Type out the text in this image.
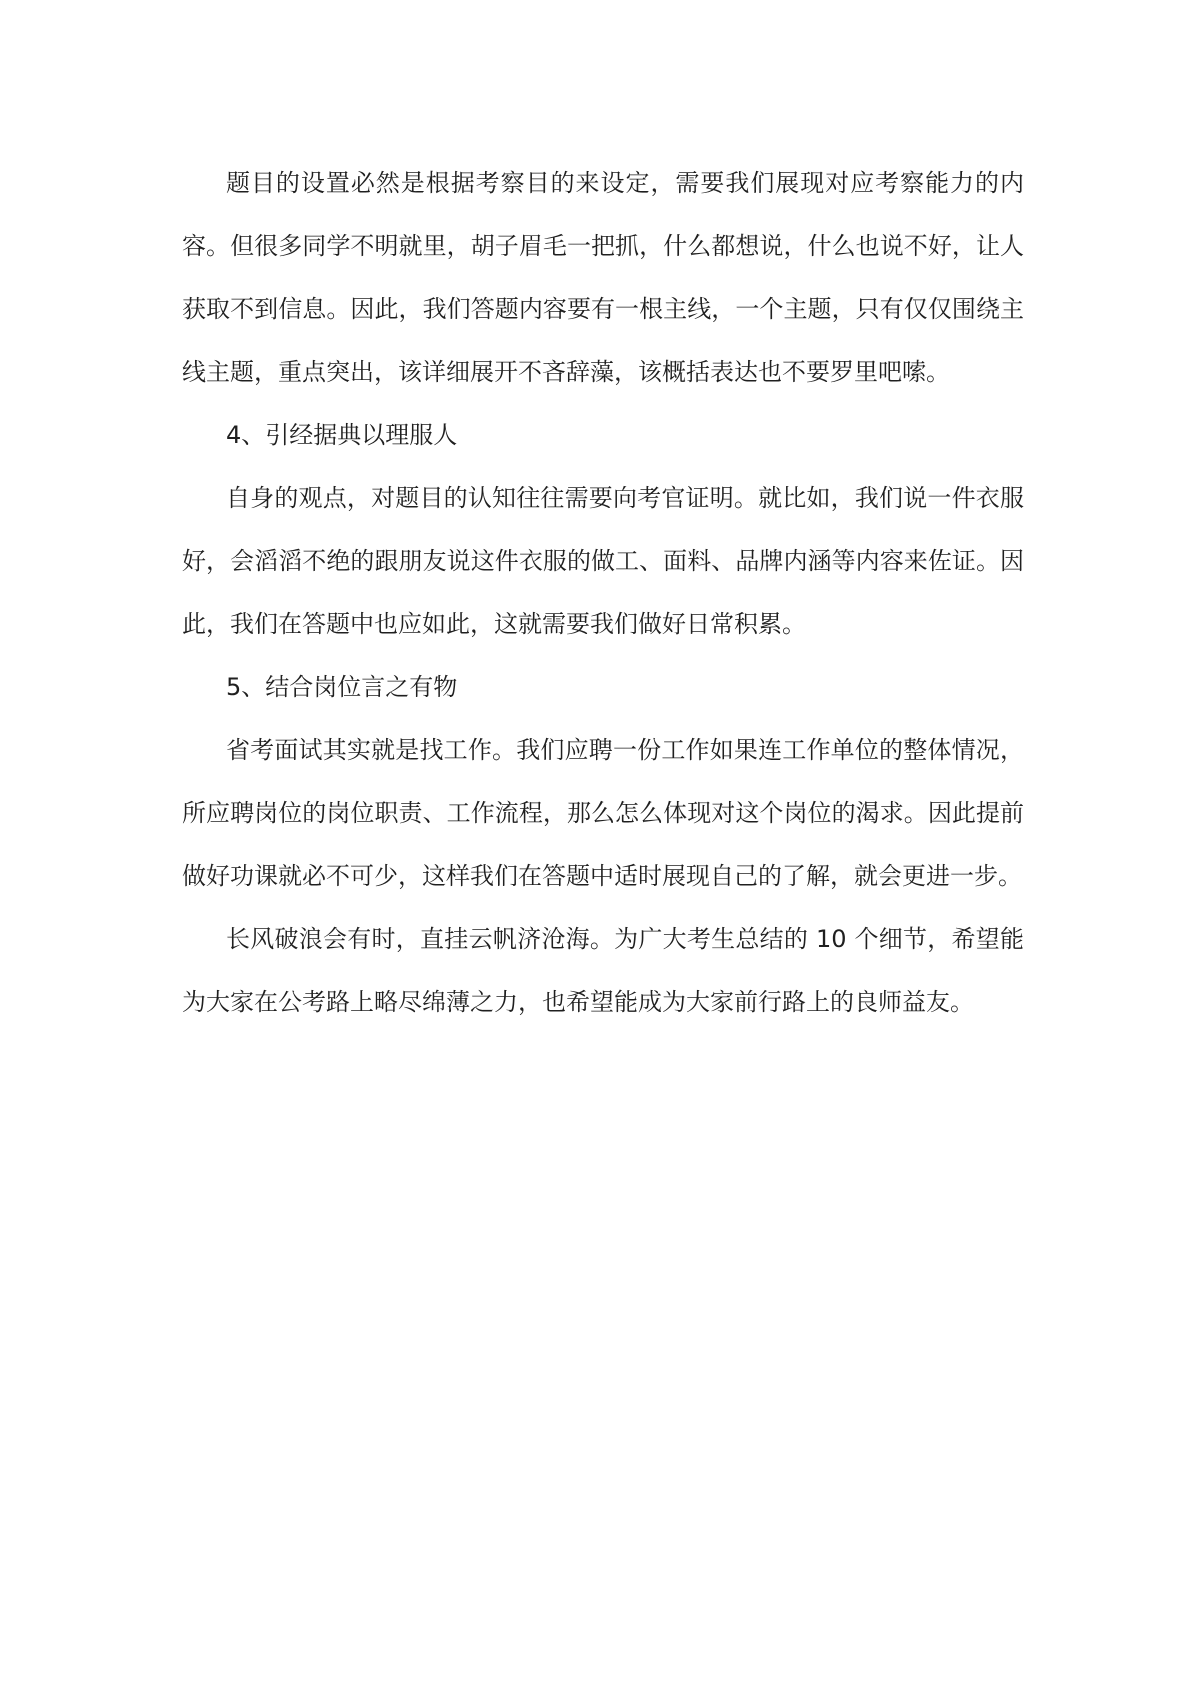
题目的设置必然是根据考察目的来设定，需要我们展现对应考察能力的内容。但很多同学不明就里，胡子眉毛一把抓，什么都想说，什么也说不好，让人获取不到信息。因此，我们答题内容要有一根主线，一个主题，只有仅仅围绕主线主题，重点突出，该详细展开不吝辞藻，该概括表达也不要罗里吧嗦。

4、引经据典以理服人

自身的观点，对题目的认知往往需要向考官证明。就比如，我们说一件衣服好，会滔滔不绝的跟朋友说这件衣服的做工、面料、品牌内涵等内容来佐证。因此，我们在答题中也应如此，这就需要我们做好日常积累。

5、结合岗位言之有物

省考面试其实就是找工作。我们应聘一份工作如果连工作单位的整体情况，所应聘岗位的岗位职责、工作流程，那么怎么体现对这个岗位的渴求。因此提前做好功课就必不可少，这样我们在答题中适时展现自己的了解，就会更进一步。

长风破浪会有时，直挂云帆济沧海。为广大考生总结的 10 个细节，希望能为大家在公考路上略尽绵薄之力，也希望能成为大家前行路上的良师益友。
